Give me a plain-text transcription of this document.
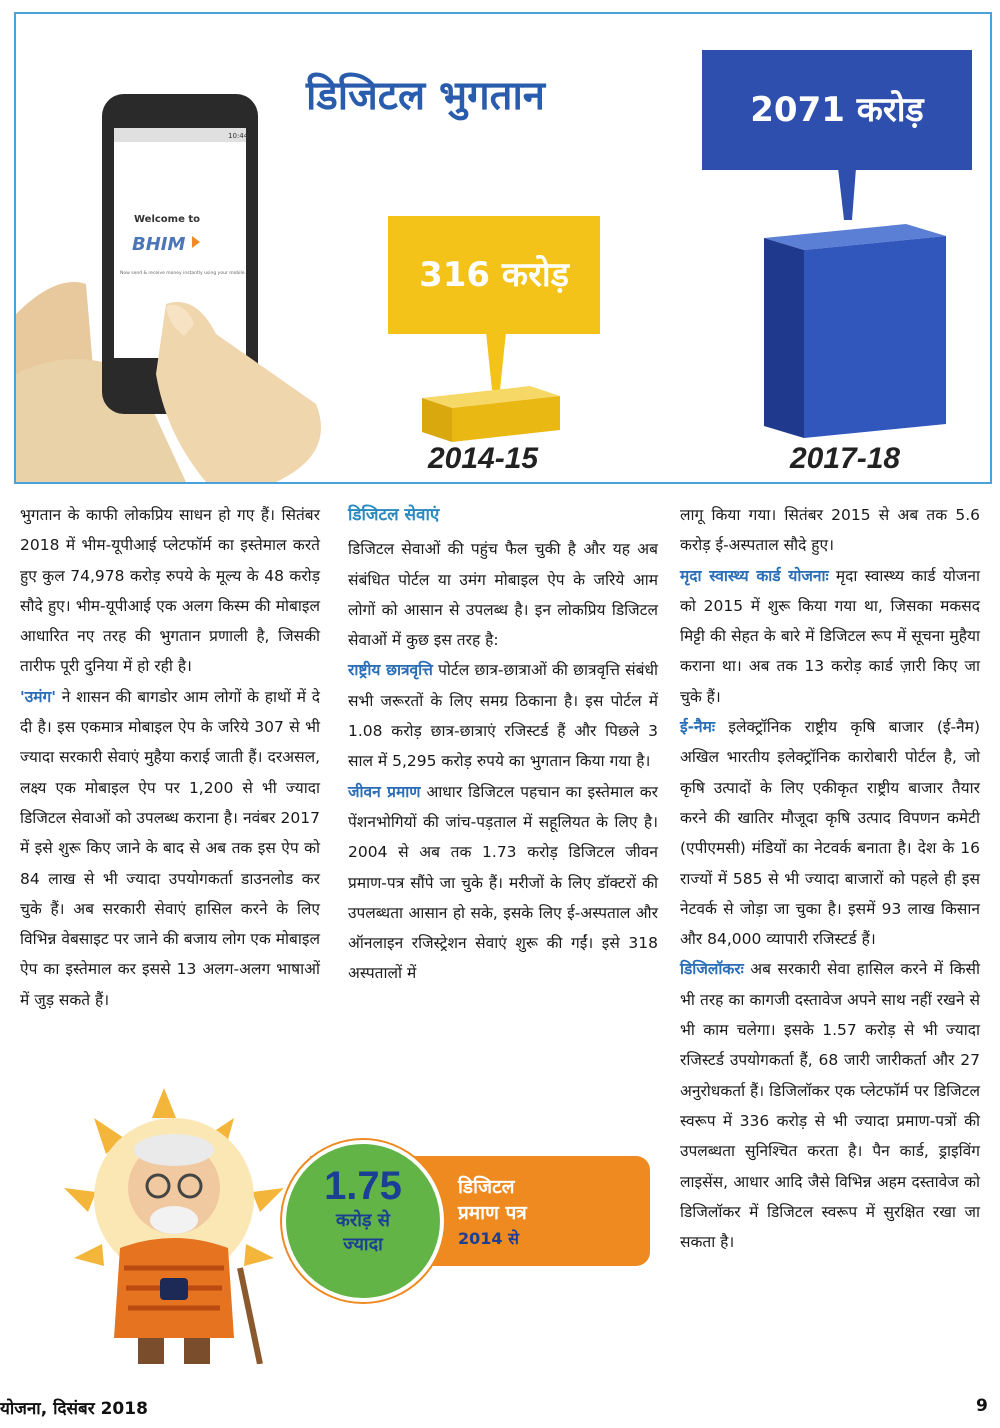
डिजिटल भुगतान
10:44
Welcome to
BHIM
Now send & receive money instantly using your mobile.	316 करोड़
2014-15
2071 करोड़
2017-18

भुगतान के काफी लोकप्रिय साधन हो गए हैं। सितंबर 2018 में भीम-यूपीआई प्लेटफॉर्म का इस्तेमाल करते हुए कुल 74,978 करोड़ रुपये के मूल्य के 48 करोड़ सौदे हुए। भीम-यूपीआई एक अलग किस्म की मोबाइल आधारित नए तरह की भुगतान प्रणाली है, जिसकी तारीफ पूरी दुनिया में हो रही है।

'उमंग' ने शासन की बागडोर आम लोगों के हाथों में दे दी है। इस एकमात्र मोबाइल ऐप के जरिये 307 से भी ज्यादा सरकारी सेवाएं मुहैया कराई जाती हैं। दरअसल, लक्ष्य एक मोबाइल ऐप पर 1,200 से भी ज्यादा डिजिटल सेवाओं को उपलब्ध कराना है। नवंबर 2017 में इसे शुरू किए जाने के बाद से अब तक इस ऐप को 84 लाख से भी ज्यादा उपयोगकर्ता डाउनलोड कर चुके हैं। अब सरकारी सेवाएं हासिल करने के लिए विभिन्न वेबसाइट पर जाने की बजाय लोग एक मोबाइल ऐप का इस्तेमाल कर इससे 13 अलग-अलग भाषाओं में जुड़ सकते हैं।

डिजिटल सेवाएं

डिजिटल सेवाओं की पहुंच फैल चुकी है और यह अब संबंधित पोर्टल या उमंग मोबाइल ऐप के जरिये आम लोगों को आसान से उपलब्ध है। इन लोकप्रिय डिजिटल सेवाओं में कुछ इस तरह है:

राष्ट्रीय छात्रवृत्ति पोर्टल छात्र-छात्राओं की छात्रवृत्ति संबंधी सभी जरूरतों के लिए समग्र ठिकाना है। इस पोर्टल में 1.08 करोड़ छात्र-छात्राएं रजिस्टर्ड हैं और पिछले 3 साल में 5,295 करोड़ रुपये का भुगतान किया गया है।

जीवन प्रमाण आधार डिजिटल पहचान का इस्तेमाल कर पेंशनभोगियों की जांच-पड़ताल में सहूलियत के लिए है। 2004 से अब तक 1.73 करोड़ डिजिटल जीवन प्रमाण-पत्र सौंपे जा चुके हैं। मरीजों के लिए डॉक्टरों की उपलब्धता आसान हो सके, इसके लिए ई-अस्पताल और ऑनलाइन रजिस्ट्रेशन सेवाएं शुरू की गईं। इसे 318 अस्पतालों में

लागू किया गया। सितंबर 2015 से अब तक 5.6 करोड़ ई-अस्पताल सौदे हुए।

मृदा स्वास्थ्य कार्ड योजनाः मृदा स्वास्थ्य कार्ड योजना को 2015 में शुरू किया गया था, जिसका मकसद मिट्टी की सेहत के बारे में डिजिटल रूप में सूचना मुहैया कराना था। अब तक 13 करोड़ कार्ड ज़ारी किए जा चुके हैं।

ई-नैमः इलेक्ट्रॉनिक राष्ट्रीय कृषि बाजार (ई-नैम) अखिल भारतीय इलेक्ट्रॉनिक कारोबारी पोर्टल है, जो कृषि उत्पादों के लिए एकीकृत राष्ट्रीय बाजार तैयार करने की खातिर मौजूदा कृषि उत्पाद विपणन कमेटी (एपीएमसी) मंडियों का नेटवर्क बनाता है। देश के 16 राज्यों में 585 से भी ज्यादा बाजारों को पहले ही इस नेटवर्क से जोड़ा जा चुका है। इसमें 93 लाख किसान और 84,000 व्यापारी रजिस्टर्ड हैं।

डिजिलॉकरः अब सरकारी सेवा हासिल करने में किसी भी तरह का कागजी दस्तावेज अपने साथ नहीं रखने से भी काम चलेगा। इसके 1.57 करोड़ से भी ज्यादा रजिस्टर्ड उपयोगकर्ता हैं, 68 जारी जारीकर्ता और 27 अनुरोधकर्ता हैं। डिजिलॉकर एक प्लेटफॉर्म पर डिजिटल स्वरूप में 336 करोड़ से भी ज्यादा प्रमाण-पत्रों की उपलब्धता सुनिश्चित करता है। पैन कार्ड, ड्राइविंग लाइसेंस, आधार आदि जैसे विभिन्न अहम दस्तावेज को डिजिलॉकर में डिजिटल स्वरूप में सुरक्षित रखा जा सकता है।

डिजिटल
प्रमाण पत्र
2014 से
1.75
करोड़ से
ज्यादा
योजना, दिसंबर 2018	9
